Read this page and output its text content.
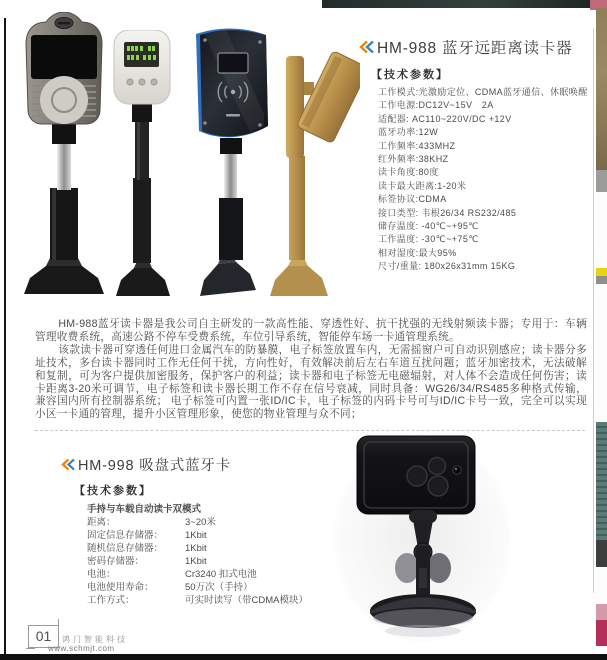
HM-988 蓝牙远距离读卡器
【技术参数】
工作模式:光激励定位、CDMA蓝牙通信、休眠唤醒
工作电源:DC12V~15V　2A
适配器: AC110~220V/DC +12V
蓝牙功率:12W
工作频率:433MHZ
红外频率:38KHZ
读卡角度:80度
读卡最大距离:1-20米
标签协议:CDMA
接口类型: 韦根26/34 RS232/485
储存温度: -40℃~+95℃
工作温度: -30℃~+75℃
相对湿度:最大95%
尺寸/重量: 180x26x31mm 15KG

HM-988蓝牙读卡器是我公司自主研发的一款高性能、穿透性好、抗干扰强的无线射频读卡器；专用于：车辆管理收费系统，高速公路不停车受费系统，车位引导系统，智能停车场一卡通管理系统。

该款读卡器可穿透任何进口金属汽车的防暴膜，电子标签放置车内，无需摇窗户可自动识别感应；读卡器分多址技术，多台读卡器同时工作无任何干扰，方向性好，有效解决前后左右车道互扰问题；蓝牙加密技术，无法破解和复制，可为客户提供加密服务，保护客户的利益；读卡器和电子标签无电磁辐射，对人体不会造成任何伤害；读卡距离3-20米可调节，电子标签和读卡器长期工作不存在信号衰减，同时具备：WG26/34/RS485多种格式传输，兼容国内所有控制器系统； 电子标签可内置一张ID/IC卡，电子标签的内码卡号可与ID/IC卡号一致，完全可以实现小区一卡通的管理，提升小区管理形象，使您的物业管理与众不同；

HM-998 吸盘式蓝牙卡
【技术参数】
手持与车载自动读卡双模式
距离：	3~20米
固定信息存储器：	1Kbit
随机信息存储器：	1Kbit
密码存储器：	1Kbit
电池：	Cr3240 扣式电池
电池使用寿命：	50万次（手持）
工作方式：	可实时读写（带CDMA模块）
01	鸿门智能科技
www.schmjt.com
